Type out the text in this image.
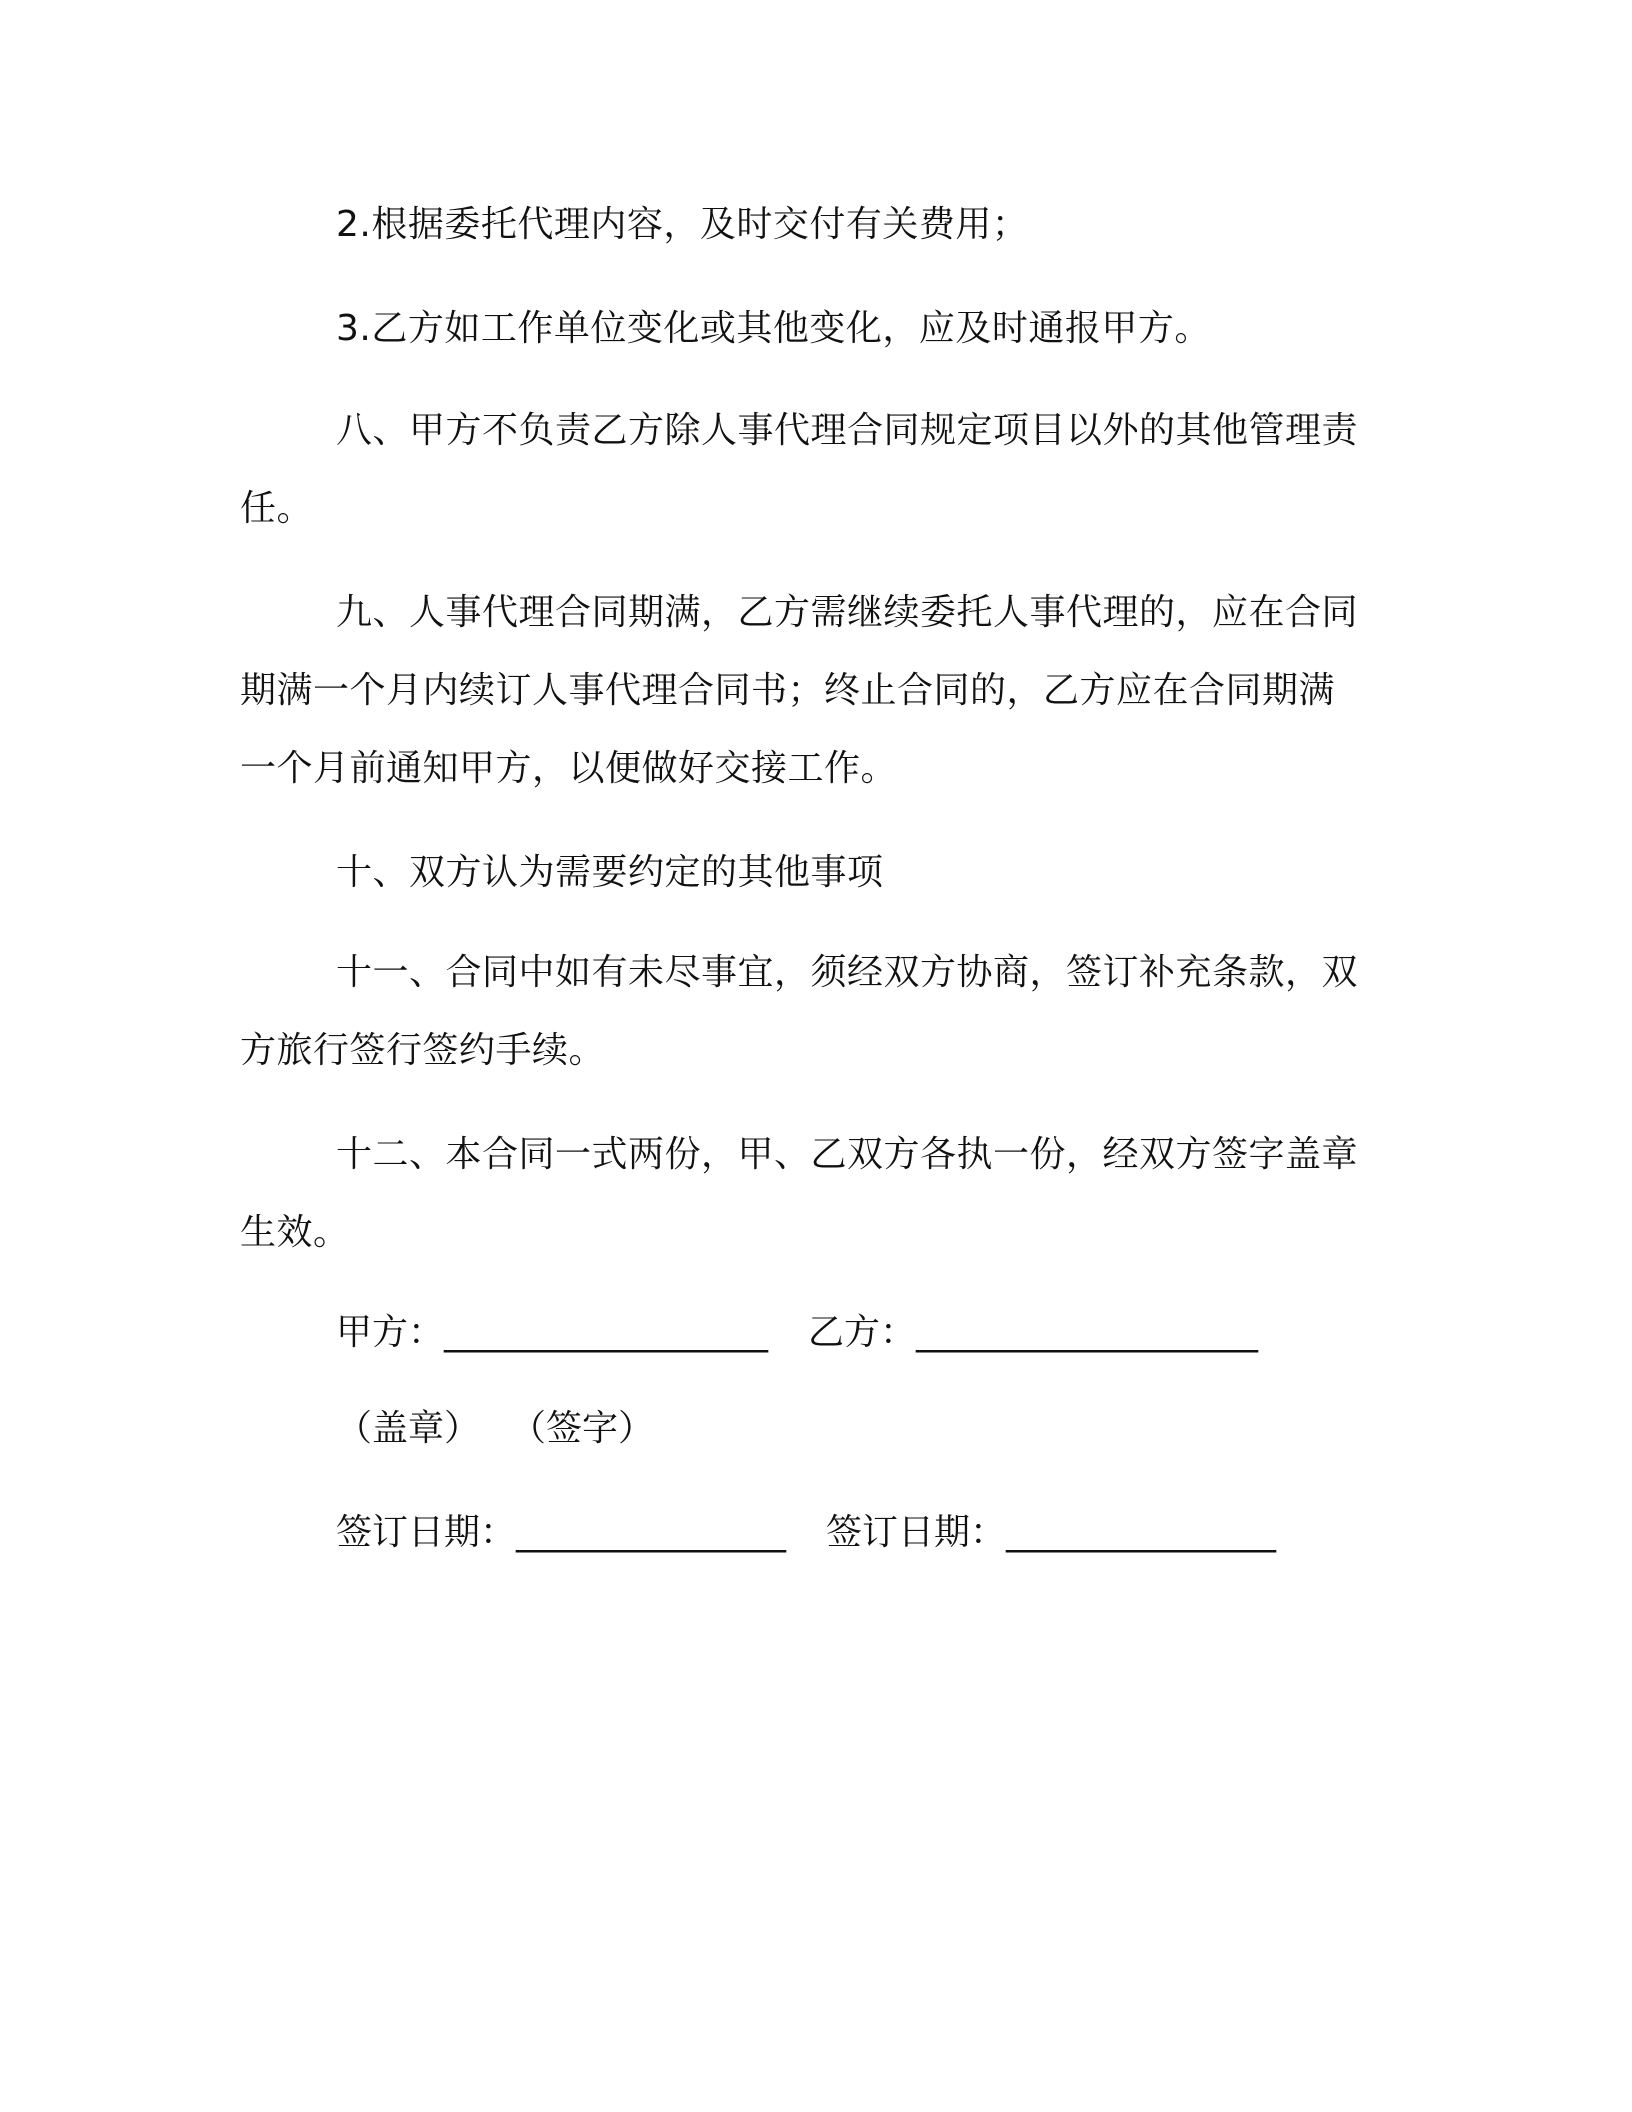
2.根据委托代理内容，及时交付有关费用；

3.乙方如工作单位变化或其他变化，应及时通报甲方。

八、甲方不负责乙方除人事代理合同规定项目以外的其他管理责任。

九、人事代理合同期满，乙方需继续委托人事代理的，应在合同期满一个月内续订人事代理合同书；终止合同的，乙方应在合同期满一个月前通知甲方，以便做好交接工作。

十、双方认为需要约定的其他事项

十一、合同中如有未尽事宜，须经双方协商，签订补充条款，双方旅行签行签约手续。

十二、本合同一式两份，甲、乙双方各执一份，经双方签字盖章生效。

甲方：__________________ 乙方：___________________
（盖章） （签字）
签订日期：_______________ 签订日期：_______________
